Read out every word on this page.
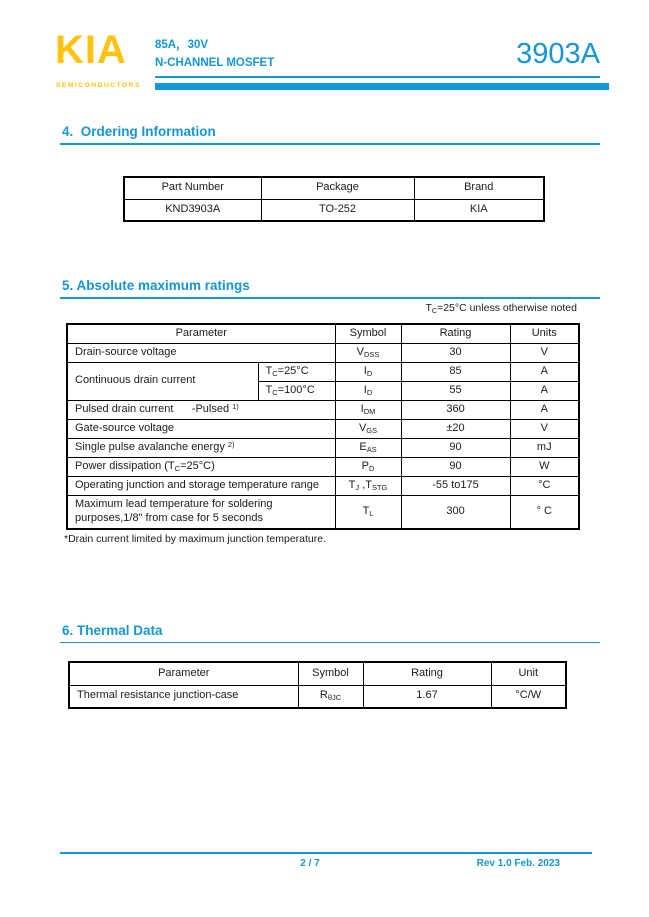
KIA
SEMICONDUCTORS
85A，30V
N-CHANNEL MOSFET	3903A
4.  Ordering Information
Part Number	Package	Brand
KND3903A	TO-252	KIA
5. Absolute maximum ratings
TC=25°C unless otherwise noted
Parameter		Symbol	Rating	Units
Drain-source voltage		VDSS	30	V
Continuous drain current	TC=25°C	ID	85	A
	TC=100°C	ID	55	A
Pulsed drain current      -Pulsed $^{1)}$		IDM	360	A
Gate-source voltage		VGS	±20	V
Single pulse avalanche energy $^{2)}$		EAS	90	mJ
Power dissipation (TC=25°C)		PD	90	W
Operating junction and storage temperature range		TJ ,TSTG	-55 to175	°C
Maximum lead temperature for soldering purposes,1/8" from case for 5 seconds		TL	300	° C
*Drain current limited by maximum junction temperature.
6. Thermal Data
Parameter	Symbol	Rating	Unit
Thermal resistance junction-case	RθJC	1.67	°C/W
2 / 7	Rev 1.0 Feb. 2023
